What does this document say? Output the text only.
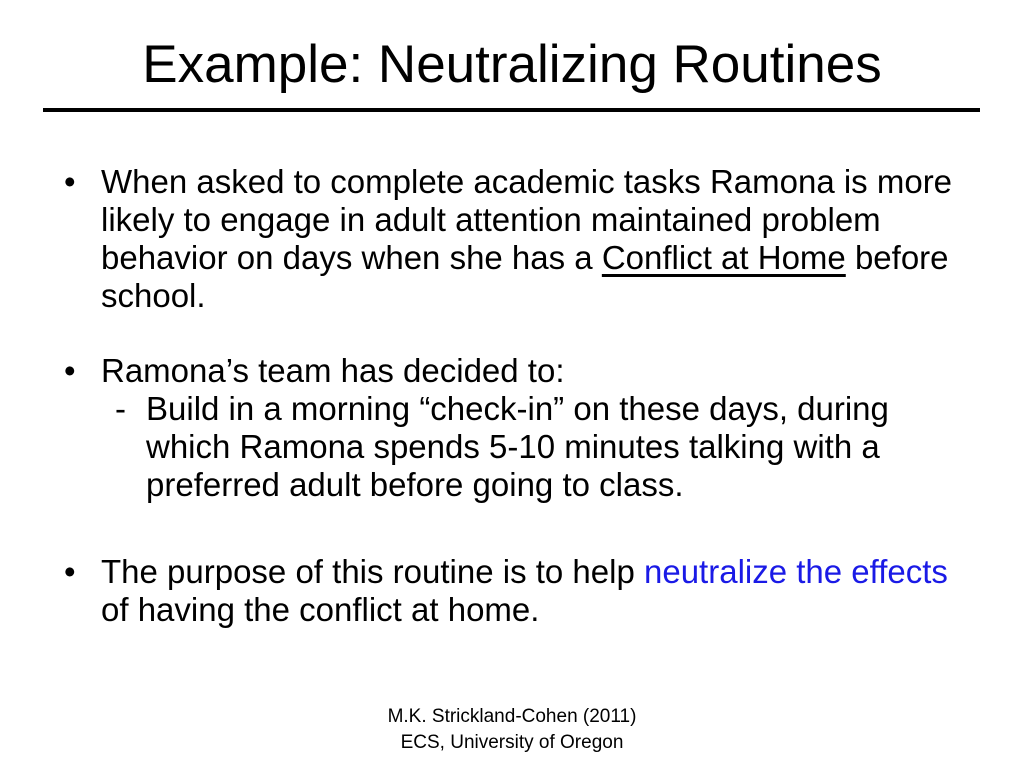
Example: Neutralizing Routines
• When asked to complete academic tasks Ramona is more likely to engage in adult attention maintained problem behavior on days when she has a Conflict at Home before school.
• Ramona’s team has decided to:
- Build in a morning “check-in” on these days, during which Ramona spends 5-10 minutes talking with a preferred adult before going to class.
• The purpose of this routine is to help neutralize the effects of having the conflict at home.
M.K. Strickland-Cohen (2011)
ECS, University of Oregon
